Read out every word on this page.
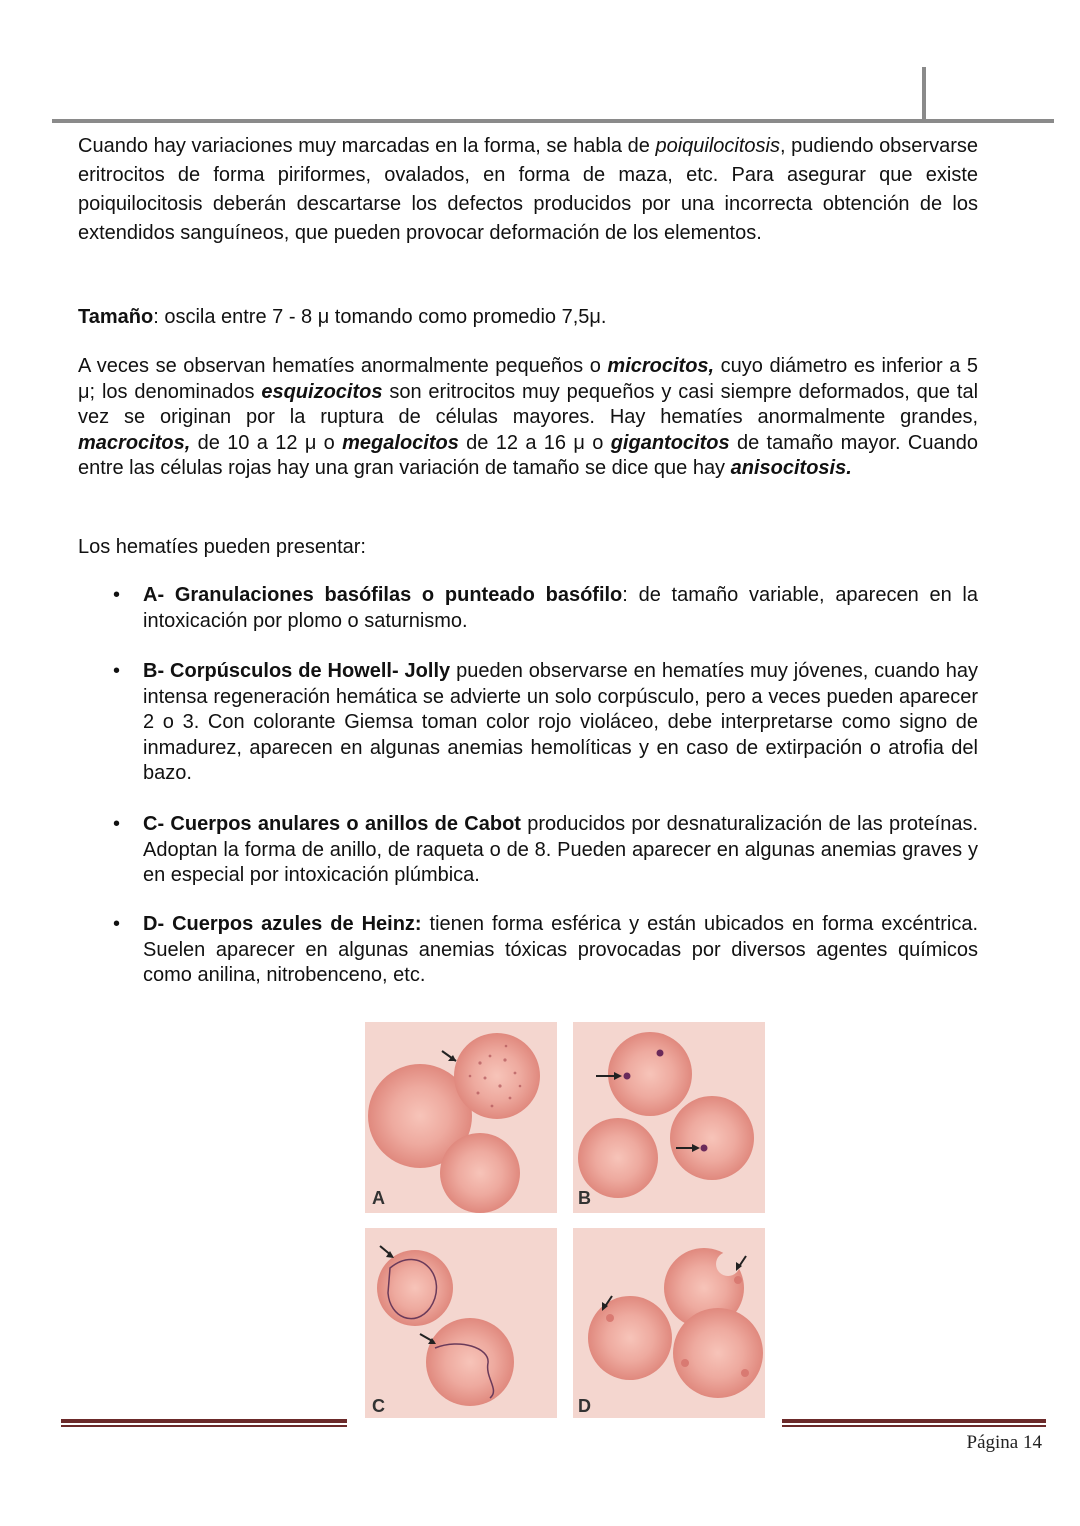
Cuando hay variaciones muy marcadas en la forma, se habla de poiquilocitosis, pudiendo observarse eritrocitos de forma piriformes, ovalados, en forma de maza, etc. Para asegurar que existe poiquilocitosis deberán descartarse los defectos producidos por una incorrecta obtención de los extendidos sanguíneos, que pueden provocar deformación de los elementos.

Tamaño: oscila entre 7 - 8 μ tomando como promedio 7,5μ.

A veces se observan hematíes anormalmente pequeños o microcitos, cuyo diámetro es inferior a 5 μ; los denominados esquizocitos son eritrocitos muy pequeños y casi siempre deformados, que tal vez se originan por la ruptura de células mayores. Hay hematíes anormalmente grandes, macrocitos, de 10 a 12 μ o megalocitos de 12 a 16 μ o gigantocitos de tamaño mayor. Cuando entre las células rojas hay una gran variación de tamaño se dice que hay anisocitosis.

Los hematíes pueden presentar:

• A- Granulaciones basófilas o punteado basófilo: de tamaño variable, aparecen en la intoxicación por plomo o saturnismo.
• B- Corpúsculos de Howell- Jolly pueden observarse en hematíes muy jóvenes, cuando hay intensa regeneración hemática se advierte un solo corpúsculo, pero a veces pueden aparecer 2 o 3. Con colorante Giemsa toman color rojo violáceo, debe interpretarse como signo de inmadurez, aparecen en algunas anemias hemolíticas y en caso de extirpación o atrofia del bazo.
• C- Cuerpos anulares o anillos de Cabot producidos por desnaturalización de las proteínas. Adoptan la forma de anillo, de raqueta o de 8. Pueden aparecer en algunas anemias graves y en especial por intoxicación plúmbica.
• D- Cuerpos azules de Heinz: tienen forma esférica y están ubicados en forma excéntrica. Suelen aparecer en algunas anemias tóxicas provocadas por diversos agentes químicos como anilina, nitrobenceno, etc.
A	B
C	D
Página 14
